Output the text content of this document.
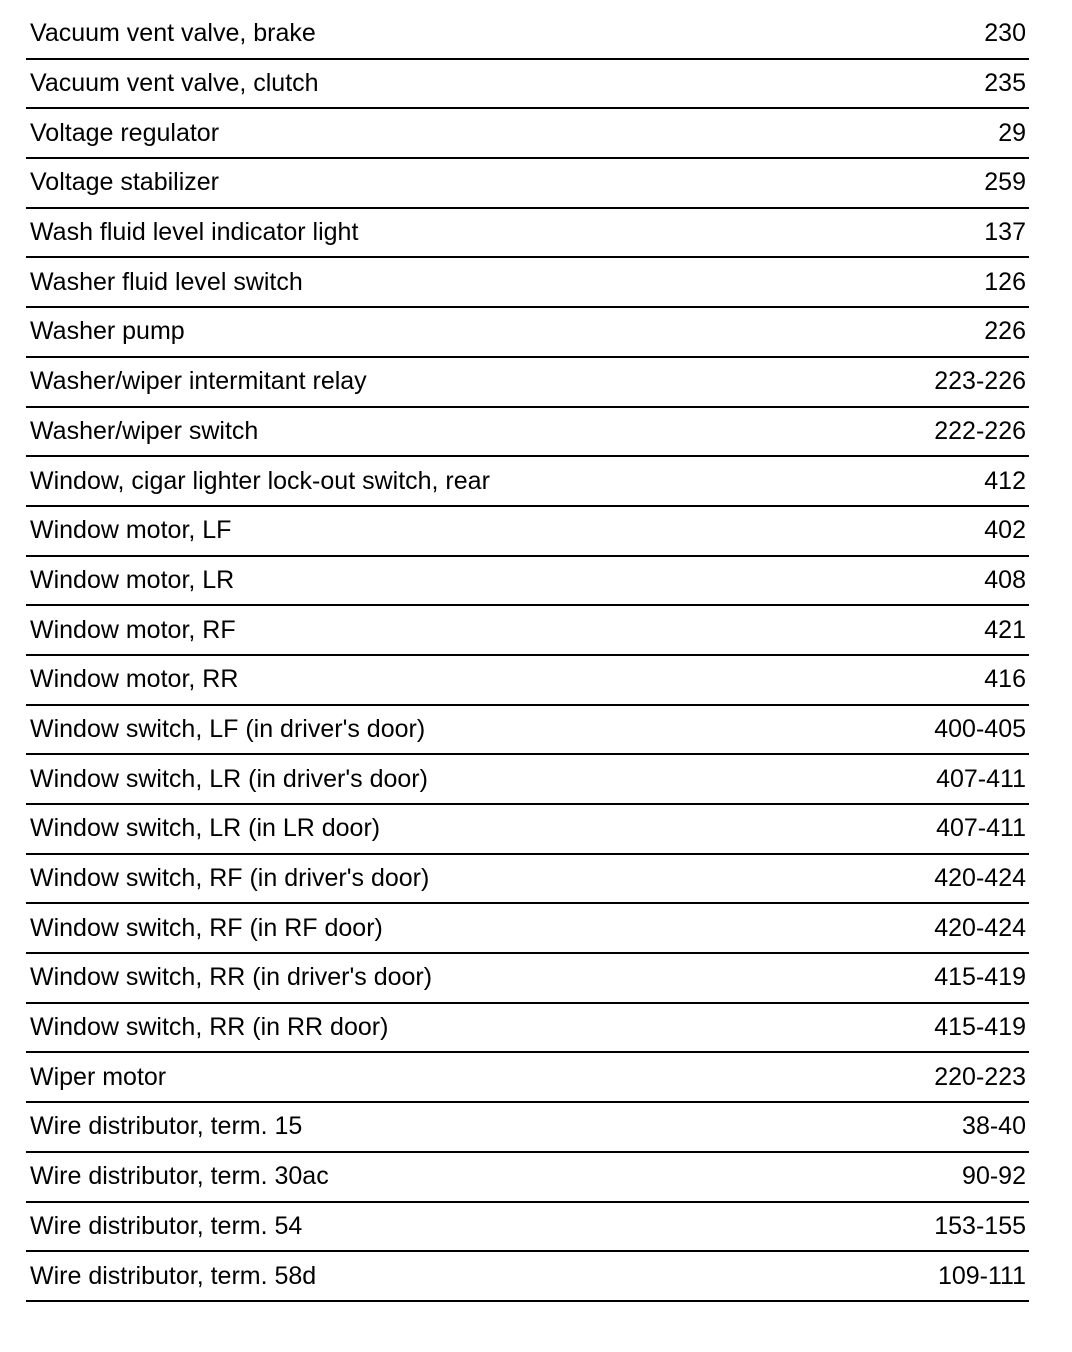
Vacuum vent valve, brake	230
Vacuum vent valve, clutch	235
Voltage regulator	29
Voltage stabilizer	259
Wash fluid level indicator light	137
Washer fluid level switch	126
Washer pump	226
Washer/wiper intermitant relay	223-226
Washer/wiper switch	222-226
Window, cigar lighter lock-out switch, rear	412
Window motor, LF	402
Window motor, LR	408
Window motor, RF	421
Window motor, RR	416
Window switch, LF (in driver's door)	400-405
Window switch, LR (in driver's door)	407-411
Window switch, LR (in LR door)	407-411
Window switch, RF (in driver's door)	420-424
Window switch, RF (in RF door)	420-424
Window switch, RR (in driver's door)	415-419
Window switch, RR (in RR door)	415-419
Wiper motor	220-223
Wire distributor, term. 15	38-40
Wire distributor, term. 30ac	90-92
Wire distributor, term. 54	153-155
Wire distributor, term. 58d	109-111
